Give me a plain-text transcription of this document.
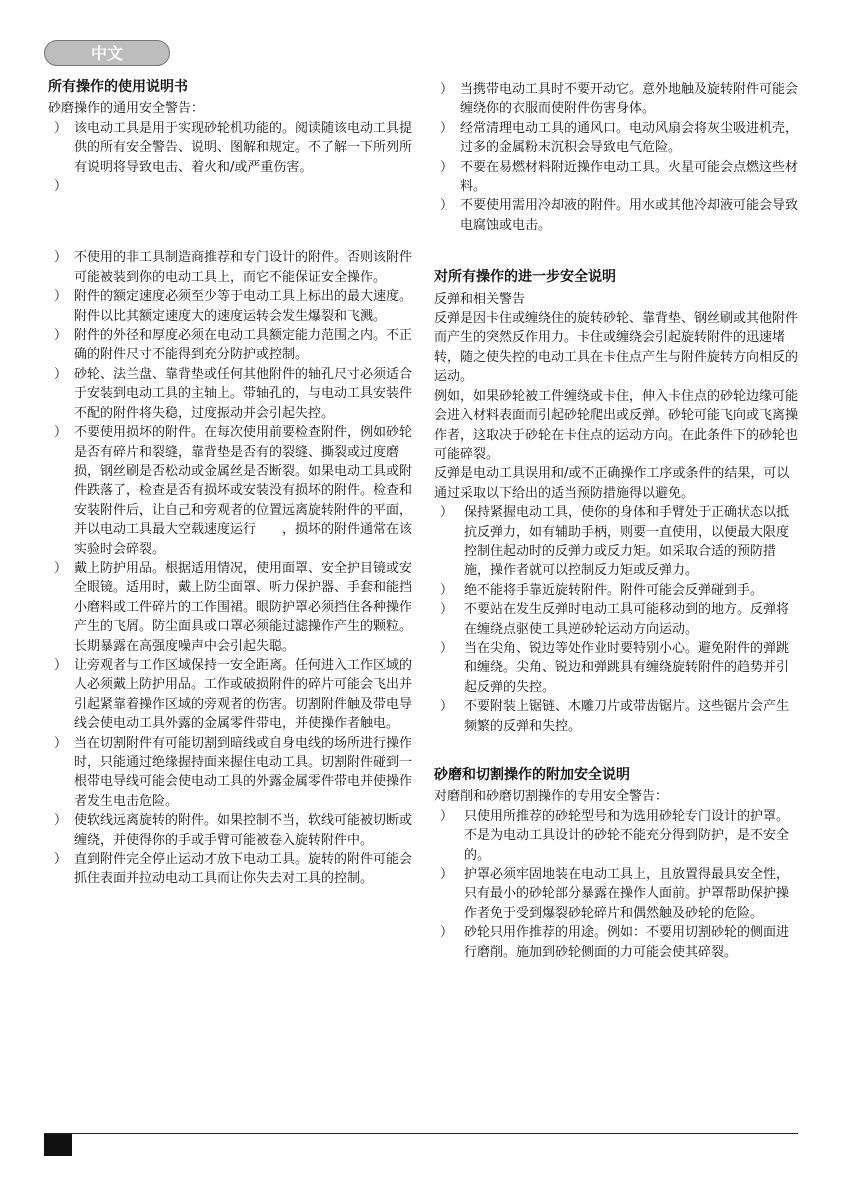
中文
所有操作的使用说明书

砂磨操作的通用安全警告：

） 该电动工具是用于实现砂轮机功能的。阅读随该电动工具提供的所有安全警告、说明、图解和规定。不了解一下所列所有说明将导致电击、着火和/或严重伤害。
）

） 不使用的非工具制造商推荐和专门设计的附件。否则该附件可能被装到你的电动工具上，而它不能保证安全操作。
） 附件的额定速度必须至少等于电动工具上标出的最大速度。附件以比其额定速度大的速度运转会发生爆裂和飞溅。
） 附件的外径和厚度必须在电动工具额定能力范围之内。不正确的附件尺寸不能得到充分防护或控制。
） 砂轮、法兰盘、靠背垫或任何其他附件的轴孔尺寸必须适合于安装到电动工具的主轴上。带轴孔的，与电动工具安装件不配的附件将失稳，过度振动并会引起失控。
） 不要使用损坏的附件。在每次使用前要检查附件，例如砂轮是否有碎片和裂缝，靠背垫是否有的裂缝、撕裂或过度磨损，钢丝刷是否松动或金属丝是否断裂。如果电动工具或附件跌落了，检查是否有损坏或安装没有损坏的附件。检查和安装附件后，让自己和旁观者的位置远离旋转附件的平面，并以电动工具最大空载速度运行　　，损坏的附件通常在该实验时会碎裂。
） 戴上防护用品。根据适用情况，使用面罩、安全护目镜或安全眼镜。适用时，戴上防尘面罩、听力保护器、手套和能挡小磨料或工件碎片的工作围裙。眼防护罩必须挡住各种操作产生的飞屑。防尘面具或口罩必须能过滤操作产生的颗粒。长期暴露在高强度噪声中会引起失聪。
） 让旁观者与工作区域保持一安全距离。任何进入工作区域的人必须戴上防护用品。工作或破损附件的碎片可能会飞出并引起紧靠着操作区域的旁观者的伤害。切割附件触及带电导线会使电动工具外露的金属零件带电，并使操作者触电。
） 当在切割附件有可能切割到暗线或自身电线的场所进行操作时，只能通过绝缘握持面来握住电动工具。切割附件碰到一根带电导线可能会使电动工具的外露金属零件带电并使操作者发生电击危险。
） 使软线远离旋转的附件。如果控制不当，软线可能被切断或缠绕，并使得你的手或手臂可能被卷入旋转附件中。
） 直到附件完全停止运动才放下电动工具。旋转的附件可能会抓住表面并拉动电动工具而让你失去对工具的控制。
） 当携带电动工具时不要开动它。意外地触及旋转附件可能会缠绕你的衣服而使附件伤害身体。
） 经常清理电动工具的通风口。电动风扇会将灰尘吸进机壳，过多的金属粉末沉积会导致电气危险。
） 不要在易燃材料附近操作电动工具。火星可能会点燃这些材料。
） 不要使用需用冷却液的附件。用水或其他冷却液可能会导致电腐蚀或电击。
对所有操作的进一步安全说明

反弹和相关警告

反弹是因卡住或缠绕住的旋转砂轮、靠背垫、钢丝刷或其他附件而产生的突然反作用力。卡住或缠绕会引起旋转附件的迅速堵转，随之使失控的电动工具在卡住点产生与附件旋转方向相反的运动。

例如，如果砂轮被工件缠绕或卡住，伸入卡住点的砂轮边缘可能会进入材料表面而引起砂轮爬出或反弹。砂轮可能飞向或飞离操作者，这取决于砂轮在卡住点的运动方向。在此条件下的砂轮也可能碎裂。

反弹是电动工具误用和/或不正确操作工序或条件的结果，可以通过采取以下给出的适当预防措施得以避免。

） 保持紧握电动工具，使你的身体和手臂处于正确状态以抵抗反弹力，如有辅助手柄，则要一直使用，以便最大限度控制住起动时的反弹力或反力矩。如采取合适的预防措施，操作者就可以控制反力矩或反弹力。
） 绝不能将手靠近旋转附件。附件可能会反弹碰到手。
） 不要站在发生反弹时电动工具可能移动到的地方。反弹将在缠绕点驱使工具逆砂轮运动方向运动。
） 当在尖角、锐边等处作业时要特别小心。避免附件的弹跳和缠绕。尖角、锐边和弹跳具有缠绕旋转附件的趋势并引起反弹的失控。
） 不要附装上锯链、木雕刀片或带齿锯片。这些锯片会产生频繁的反弹和失控。
砂磨和切割操作的附加安全说明

对磨削和砂磨切割操作的专用安全警告：

） 只使用所推荐的砂轮型号和为选用砂轮专门设计的护罩。不是为电动工具设计的砂轮不能充分得到防护，是不安全的。
） 护罩必须牢固地装在电动工具上，且放置得最具安全性，只有最小的砂轮部分暴露在操作人面前。护罩帮助保护操作者免于受到爆裂砂轮碎片和偶然触及砂轮的危险。
） 砂轮只用作推荐的用途。例如：不要用切割砂轮的侧面进行磨削。施加到砂轮侧面的力可能会使其碎裂。
